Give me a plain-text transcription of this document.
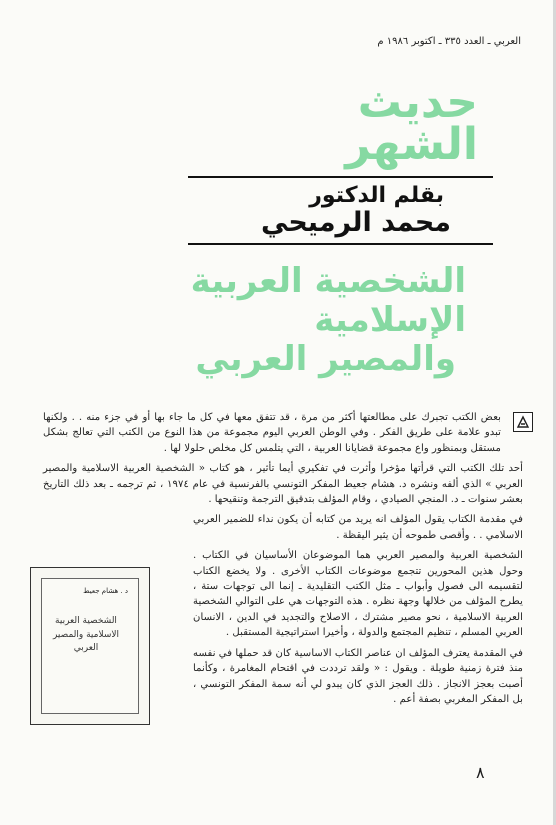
العربي ـ العدد ٣٣٥ ـ اكتوبر ١٩٨٦ م
حديث
الشهر
بقلم الدكتور
محمد الرميحي
الشخصية العربية الإسلامية
والمصير العربي

بعض الكتب تجبرك على مطالعتها أكثر من مرة ، قد تتفق معها في كل ما جاء بها أو في جزء منه . . ولكنها تبدو علامة على طريق الفكر . وفي الوطن العربي اليوم مجموعة من هذا النوع من الكتب التي تعالج بشكل مستقل وبمنظور واع مجموعة قضايانا العربية ، التي يتلمس كل مخلص حلولا لها .

أحد تلك الكتب التي قرأتها مؤخرا وأثرت في تفكيري أيما تأثير ، هو كتاب « الشخصية العربية الاسلامية والمصير العربي » الذي ألفه ونشره د. هشام جعيط المفكر التونسي بالفرنسية في عام ١٩٧٤ ، ثم ترجمه ـ بعد ذلك التاريخ بعشر سنوات ـ د. المنجي الصيادي ، وقام المؤلف بتدقيق الترجمة وتنقيحها .

في مقدمة الكتاب يقول المؤلف انه يريد من كتابه أن يكون نداء للضمير العربي الاسلامي . . وأقصى طموحه أن يثير اليقظة .

الشخصية العربية والمصير العربي هما الموضوعان الأساسيان في الكتاب . وحول هذين المحورين تتجمع موضوعات الكتاب الأخرى . ولا يخضع الكتاب لتقسيمه الى فصول وأبواب ـ مثل الكتب التقليدية ـ إنما الى توجهات ستة ، يطرح المؤلف من خلالها وجهة نظره . هذه التوجهات هي على التوالي الشخصية العربية الاسلامية ، نحو مصير مشترك ، الاصلاح والتجديد في الدين ، الانسان العربي المسلم ، تنظيم المجتمع والدولة ، وأخيرا استراتيجية المستقبل .

في المقدمة يعترف المؤلف ان عناصر الكتاب الاساسية كان قد حملها في نفسه منذ فترة زمنية طويلة . ويقول : « ولقد ترددت في اقتحام المغامرة ، وكأنما أصبت بعجز الانجاز . ذلك العجز الذي كان يبدو لي أنه سمة المفكر التونسي ، بل المفكر المغربي بصفة أعم .

د . هشام جعيط
الشخصية العربية الاسلامية والمصير العربي
٨
